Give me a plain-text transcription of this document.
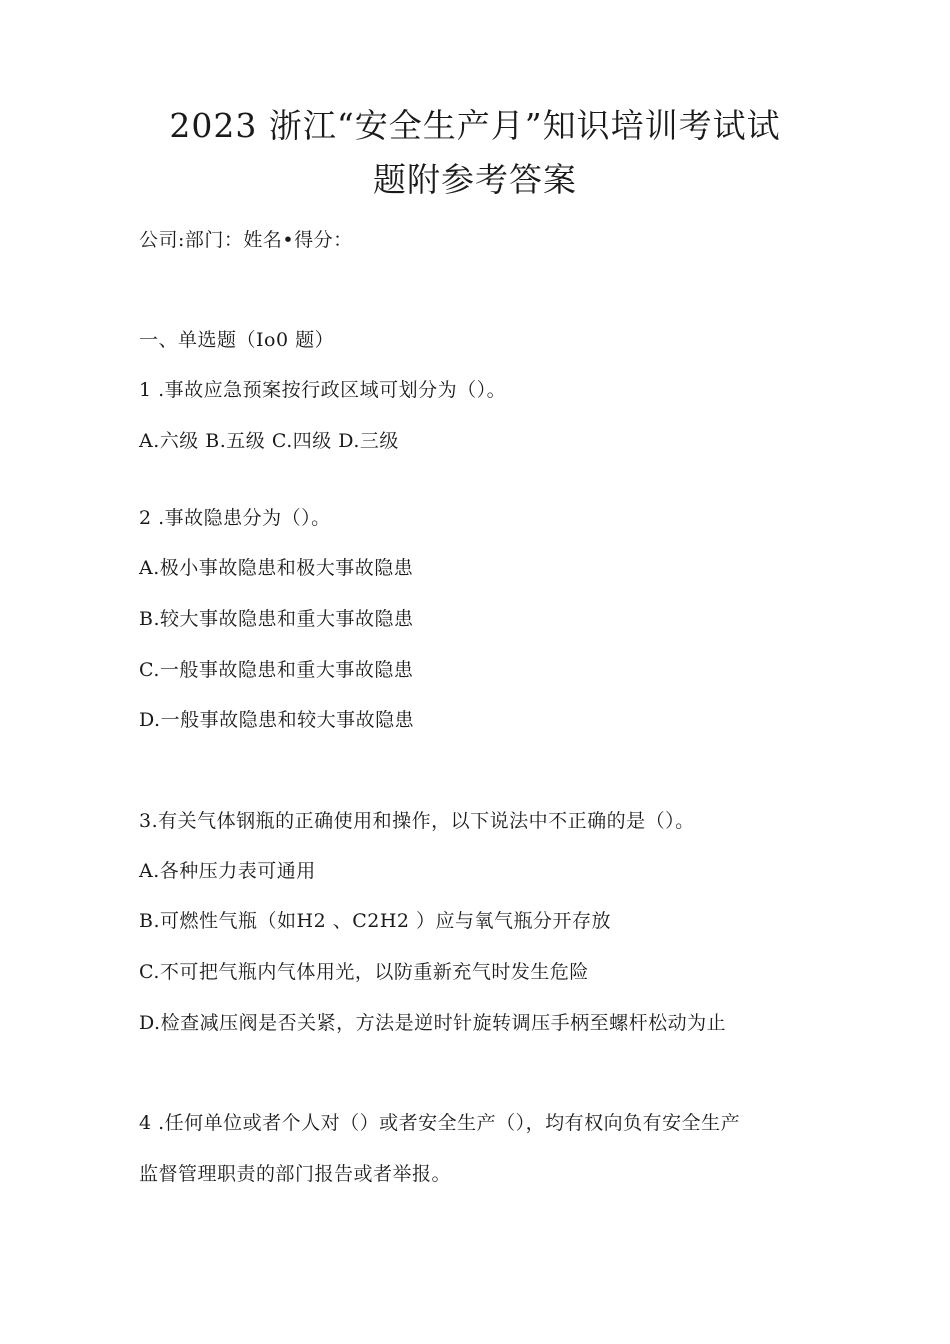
2023 浙江“安全生产月”知识培训考试试
题附参考答案
公司:部门：姓名•得分：
一、单选题（Io0 题）
1 .事故应急预案按行政区域可划分为（）。
A.六级 B.五级 C.四级 D.三级
2 .事故隐患分为（）。
A.极小事故隐患和极大事故隐患
B.较大事故隐患和重大事故隐患
C.一般事故隐患和重大事故隐患
D.一般事故隐患和较大事故隐患
3.有关气体钢瓶的正确使用和操作，以下说法中不正确的是（）。
A.各种压力表可通用
B.可燃性气瓶（如H2 、C2H2 ）应与氧气瓶分开存放
C.不可把气瓶内气体用光，以防重新充气时发生危险
D.检查减压阀是否关紧，方法是逆时针旋转调压手柄至螺杆松动为止
4 .任何单位或者个人对（）或者安全生产（），均有权向负有安全生产
监督管理职责的部门报告或者举报。
